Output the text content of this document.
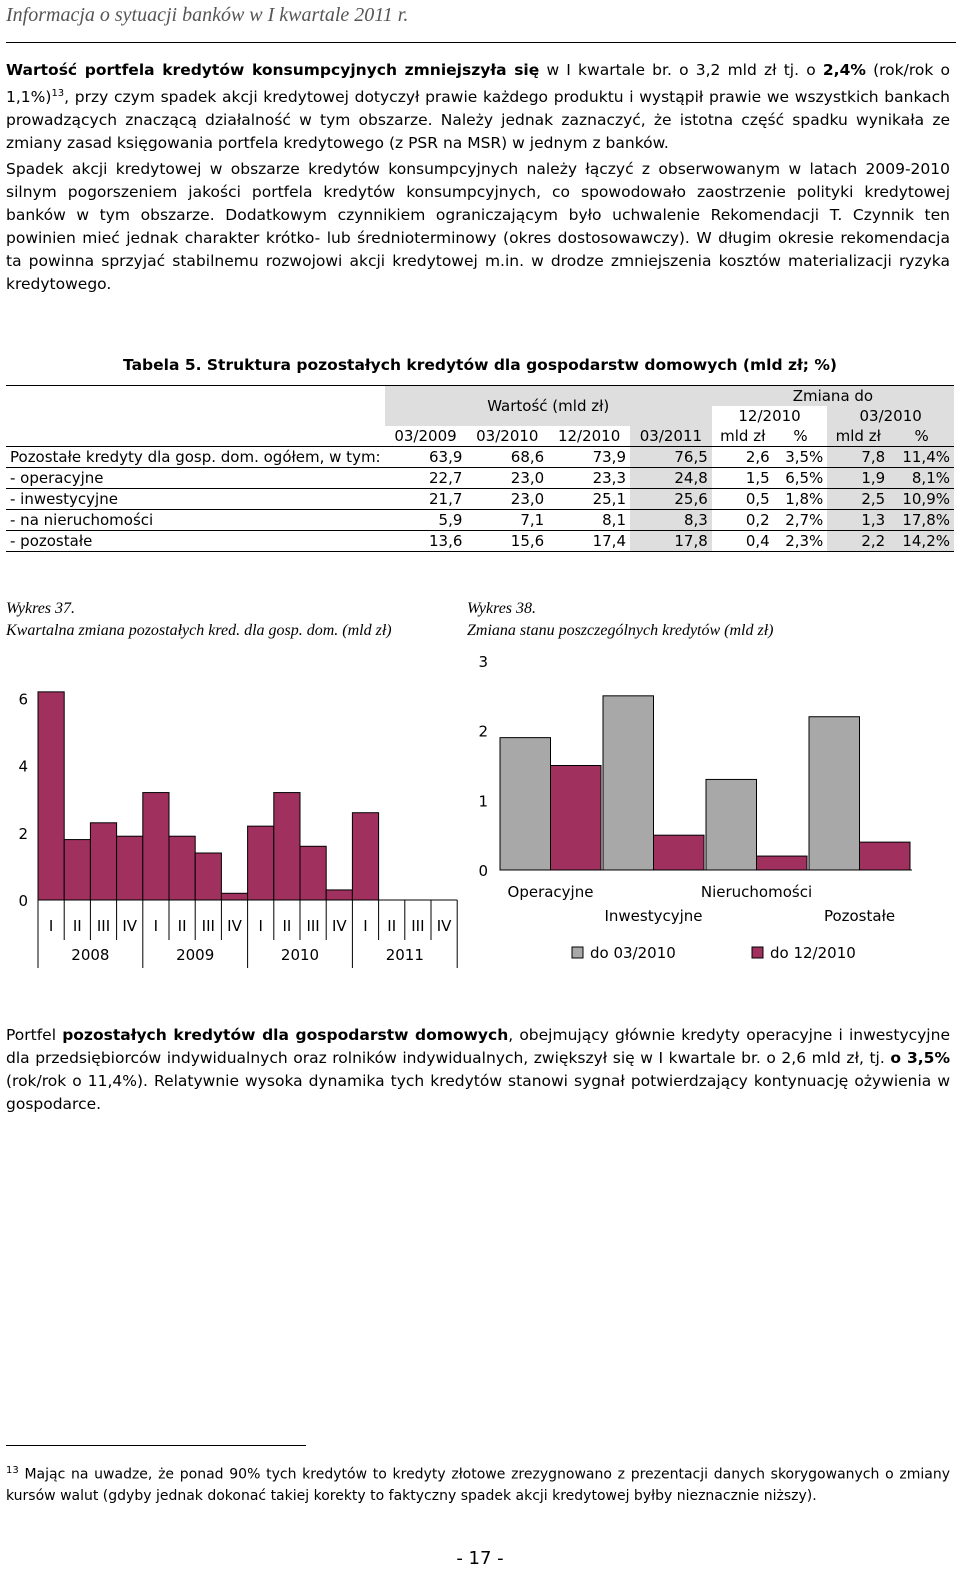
Informacja o sytuacji banków w I kwartale 2011 r.
Wartość portfela kredytów konsumpcyjnych zmniejszyła się w I kwartale br. o 3,2 mld zł tj. o 2,4% (rok/rok o 1,1%)$^{13}$, przy czym spadek akcji kredytowej dotyczył prawie każdego produktu i wystąpił prawie we wszystkich bankach prowadzących znaczącą działalność w tym obszarze. Należy jednak zaznaczyć, że istotna część spadku wynikała ze zmiany zasad księgowania portfela kredytowego (z PSR na MSR) w jednym z banków.
Spadek akcji kredytowej w obszarze kredytów konsumpcyjnych należy łączyć z obserwowanym w latach 2009-2010 silnym pogorszeniem jakości portfela kredytów konsumpcyjnych, co spowodowało zaostrzenie polityki kredytowej banków w tym obszarze. Dodatkowym czynnikiem ograniczającym było uchwalenie Rekomendacji T. Czynnik ten powinien mieć jednak charakter krótko- lub średnioterminowy (okres dostosowawczy). W długim okresie rekomendacja ta powinna sprzyjać stabilnemu rozwojowi akcji kredytowej m.in. w drodze zmniejszenia kosztów materializacji ryzyka kredytowego.
Tabela 5. Struktura pozostałych kredytów dla gospodarstw domowych (mld zł; %)
	Wartość (mld zł)				Zmiana do			
					12/2010		03/2010	
	03/2009	03/2010	12/2010	03/2011	mld zł	%	mld zł	%
Pozostałe kredyty dla gosp. dom. ogółem, w tym:	63,9	68,6	73,9	76,5	2,6	3,5%	7,8	11,4%
- operacyjne	22,7	23,0	23,3	24,8	1,5	6,5%	1,9	8,1%
- inwestycyjne	21,7	23,0	25,1	25,6	0,5	1,8%	2,5	10,9%
- na nieruchomości	5,9	7,1	8,1	8,3	0,2	2,7%	1,3	17,8%
- pozostałe	13,6	15,6	17,4	17,8	0,4	2,3%	2,2	14,2%
Wykres 37.
Kwartalna zmiana pozostałych kred. dla gosp. dom. (mld zł)
Wykres 38.
Zmiana stanu poszczególnych kredytów (mld zł)
0
2
4
6
I II III IV I II III IV I II III IV I II III IV
2008	2009	2010	2011
0
1
2
3
Operacyjne
Inwestycyjne
Nieruchomości
Pozostałe
do 03/2010	do 12/2010
Portfel pozostałych kredytów dla gospodarstw domowych, obejmujący głównie kredyty operacyjne i inwestycyjne dla przedsiębiorców indywidualnych oraz rolników indywidualnych, zwiększył się w I kwartale br. o 2,6 mld zł, tj. o 3,5% (rok/rok o 11,4%). Relatywnie wysoka dynamika tych kredytów stanowi sygnał potwierdzający kontynuację ożywienia w gospodarce.
$^{13}$ Mając na uwadze, że ponad 90% tych kredytów to kredyty złotowe zrezygnowano z prezentacji danych skorygowanych o zmiany kursów walut (gdyby jednak dokonać takiej korekty to faktyczny spadek akcji kredytowej byłby nieznacznie niższy).
- 17 -
